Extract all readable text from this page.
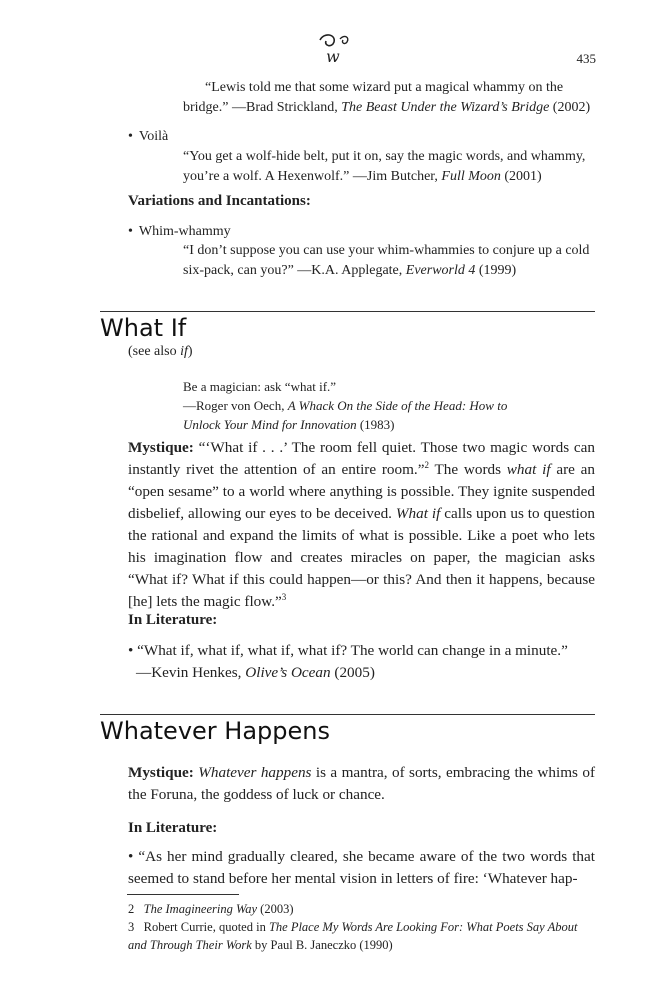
w	435

“Lewis told me that some wizard put a magical whammy on the bridge.” —Brad Strickland, The Beast Under the Wizard’s Bridge (2002)

• Voilà

“You get a wolf-hide belt, put it on, say the magic words, and whammy, you’re a wolf. A Hexenwolf.” —Jim Butcher, Full Moon (2001)

Variations and Incantations:
• Whim-whammy

“I don’t suppose you can use your whim-whammies to conjure up a cold six-pack, can you?” —K.A. Applegate, Everworld 4 (1999)

What If
(see also if)

Be a magician: ask “what if.”

—Roger von Oech, A Whack On the Side of the Head: How to Unlock Your Mind for Innovation (1983)

Mystique: “‘What if . . .’ The room fell quiet. Those two magic words can instantly rivet the attention of an entire room.”$^2$ The words what if are an “open sesame” to a world where anything is possible. They ignite suspended disbelief, allowing our eyes to be deceived. What if calls upon us to question the rational and expand the limits of what is possible. Like a poet who lets his imagination flow and creates miracles on paper, the magician asks “What if? What if this could happen—or this? And then it happens, because [he] lets the magic flow.”$^3$
In Literature:
• “What if, what if, what if, what if? The world can change in a minute.”
—Kevin Henkes, Olive’s Ocean (2005)
Whatever Happens
Mystique: Whatever happens is a mantra, of sorts, embracing the whims of the Foruna, the goddess of luck or chance.
In Literature:
• “As her mind gradually cleared, she became aware of the two words that seemed to stand before her mental vision in letters of fire: ‘Whatever hap-

2 The Imagineering Way (2003)

3 Robert Currie, quoted in The Place My Words Are Looking For: What Poets Say About and Through Their Work by Paul B. Janeczko (1990)
